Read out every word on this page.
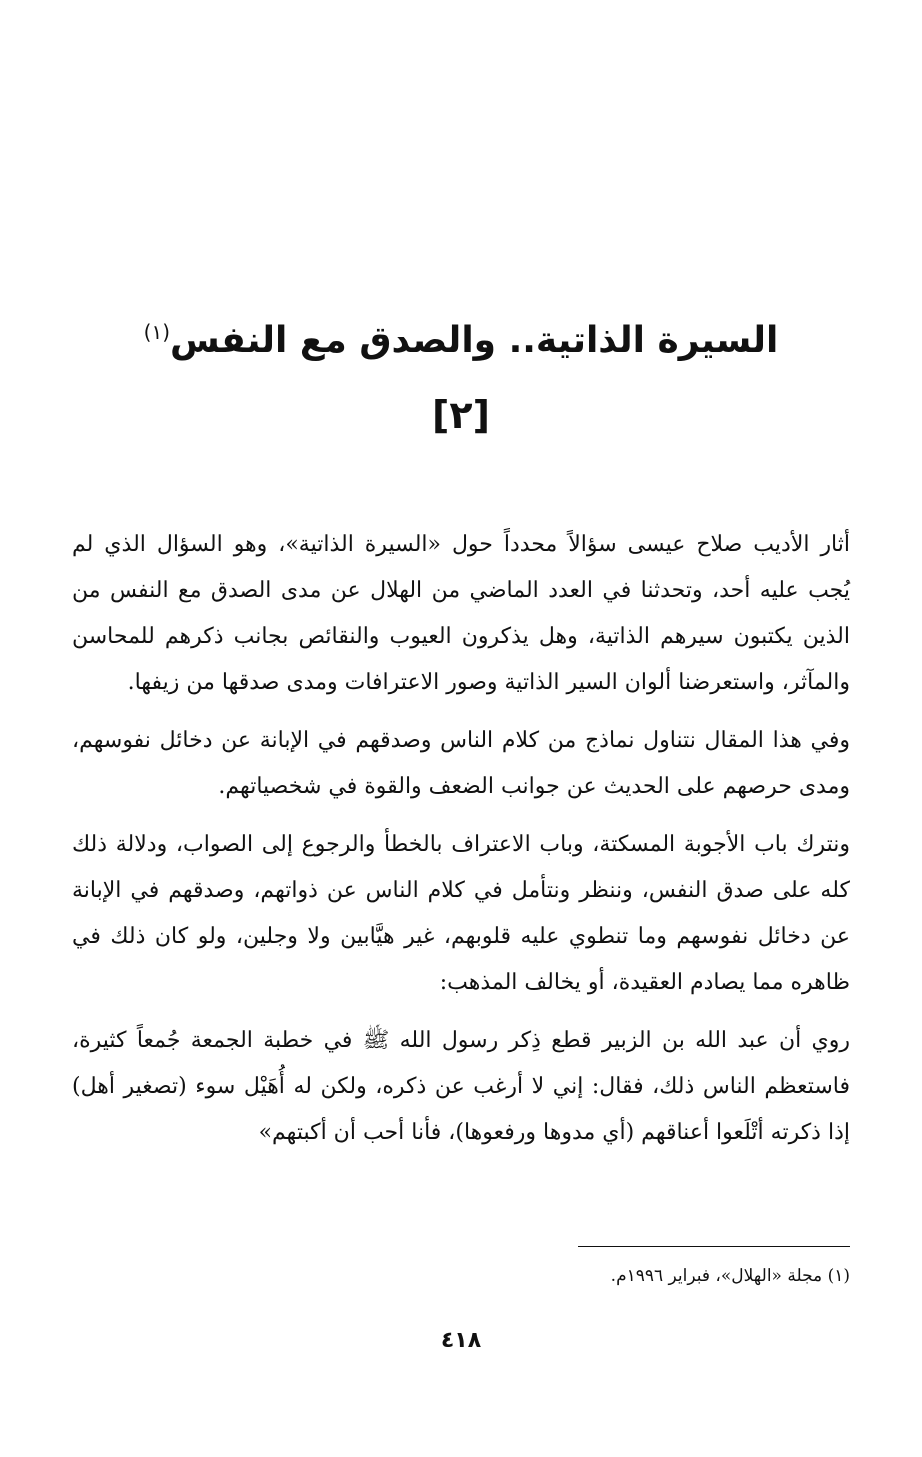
السيرة الذاتية.. والصدق مع النفس$^{(١)}$
[٢]

أثار الأديب صلاح عيسى سؤالاً محدداً حول «السيرة الذاتية»، وهو السؤال الذي لم يُجب عليه أحد، وتحدثنا في العدد الماضي من الهلال عن مدى الصدق مع النفس من الذين يكتبون سيرهم الذاتية، وهل يذكرون العيوب والنقائص بجانب ذكرهم للمحاسن والمآثر، واستعرضنا ألوان السير الذاتية وصور الاعترافات ومدى صدقها من زيفها.

وفي هذا المقال نتناول نماذج من كلام الناس وصدقهم في الإبانة عن دخائل نفوسهم، ومدى حرصهم على الحديث عن جوانب الضعف والقوة في شخصياتهم.

ونترك باب الأجوبة المسكتة، وباب الاعتراف بالخطأ والرجوع إلى الصواب، ودلالة ذلك كله على صدق النفس، وننظر ونتأمل في كلام الناس عن ذواتهم، وصدقهم في الإبانة عن دخائل نفوسهم وما تنطوي عليه قلوبهم، غير هيَّابين ولا وجلين، ولو كان ذلك في ظاهره مما يصادم العقيدة، أو يخالف المذهب:

روي أن عبد الله بن الزبير قطع ذِكر رسول الله ﷺ في خطبة الجمعة جُمعاً كثيرة، فاستعظم الناس ذلك، فقال: إني لا أرغب عن ذكره، ولكن له أُهَيْل سوء (تصغير أهل) إذا ذكرته أتْلَعوا أعناقهم (أي مدوها ورفعوها)، فأنا أحب أن أكبتهم»

(١) مجلة «الهلال»، فبراير ١٩٩٦م.
٤١٨
